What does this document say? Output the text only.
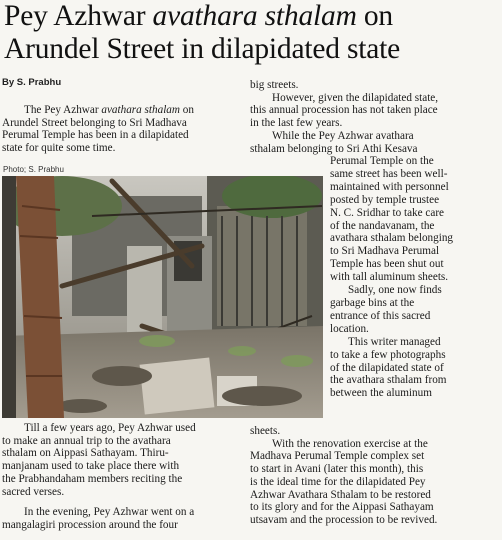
Pey Azhwar avathara sthalam on
Arundel Street in dilapidated state
By S. Prabhu
The Pey Azhwar avathara sthalam on
Arundel Street belonging to Sri Madhava
Perumal Temple has been in a dilapidated
state for quite some time.
Photo; S. Prabhu
Till a few years ago, Pey Azhwar used
to make an annual trip to the avathara
sthalam on Aippasi Sathayam. Thiru-
manjanam used to take place there with
the Prabhandaham members reciting the
sacred verses.
In the evening, Pey Azhwar went on a
mangalagiri procession around the four
big streets.
However, given the dilapidated state,
this annual procession has not taken place
in the last few years.
While the Pey Azhwar avathara
sthalam belonging to Sri Athi Kesava
Perumal Temple on the
same street has been well-
maintained with personnel
posted by temple trustee
N. C. Sridhar to take care
of the nandavanam, the
avathara sthalam belonging
to Sri Madhava Perumal
Temple has been shut out
with tall aluminum sheets.
Sadly, one now finds
garbage bins at the
entrance of this sacred
location.
This writer managed
to take a few photographs
of the dilapidated state of
the avathara sthalam from
between the aluminum
sheets.
With the renovation exercise at the
Madhava Perumal Temple complex set
to start in Avani (later this month), this
is the ideal time for the dilapidated Pey
Azhwar Avathara Sthalam to be restored
to its glory and for the Aippasi Sathayam
utsavam and the procession to be revived.
